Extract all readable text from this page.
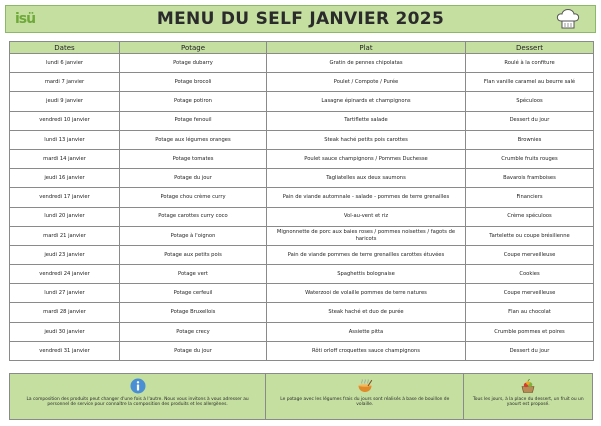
isü	MENU DU SELF JANVIER 2025
Dates	Potage	Plat	Dessert
lundi 6 janvier	Potage dubarry	Gratin de pennes chipolatas	Roulé à la confiture
mardi 7 janvier	Potage brocoli	Poulet / Compote / Purée	Flan vanille caramel au beurre salé
jeudi 9 janvier	Potage potiron	Lasagne épinards et champignons	Spéculoos
vendredi 10 janvier	Potage fenouil	Tartiflette salade	Dessert du jour
lundi 13 janvier	Potage aux légumes oranges	Steak haché petits pois carottes	Brownies
mardi 14 janvier	Potage tomates	Poulet sauce champignons / Pommes Duchesse	Crumble fruits rouges
jeudi 16 janvier	Potage du jour	Tagliatelles aux deux saumons	Bavarois framboises
vendredi 17 janvier	Potage chou crème curry	Pain de viande automnale - salade - pommes de terre grenailles	Financiers
lundi 20 janvier	Potage carottes curry coco	Vol-au-vent et riz	Crème spéculoos
mardi 21 janvier	Potage à l'oignon	Mignonnette de porc aux baies roses / pommes noisettes / fagots de haricots	Tartelette ou coupe brésilienne
jeudi 23 janvier	Potage aux petits pois	Pain de viande pommes de terre grenailles carottes étuvées	Coupe merveilleuse
vendredi 24 janvier	Potage vert	Spaghettis bolognaise	Cookies
lundi 27 janvier	Potage cerfeuil	Waterzooi de volaille pommes de terre natures	Coupe merveilleuse
mardi 28 janvier	Potage Bruxellois	Steak haché et duo de purée	Flan au chocolat
jeudi 30 janvier	Potage crecy	Assiette pitta	Crumble pommes et poires
vendredi 31 janvier	Potage du jour	Rôti orloff croquettes sauce champignons	Dessert du jour
La composition des produits peut changer d'une fois à l'autre. Nous vous invitons à vous adresser au personnel de service pour connaître la composition des produits et les allergènes.
Le potage avec les légumes frais du jours sont réalisés à base de bouillon de volaille.
Tous les jours, à la place du dessert, un fruit ou un yaourt est proposé.
